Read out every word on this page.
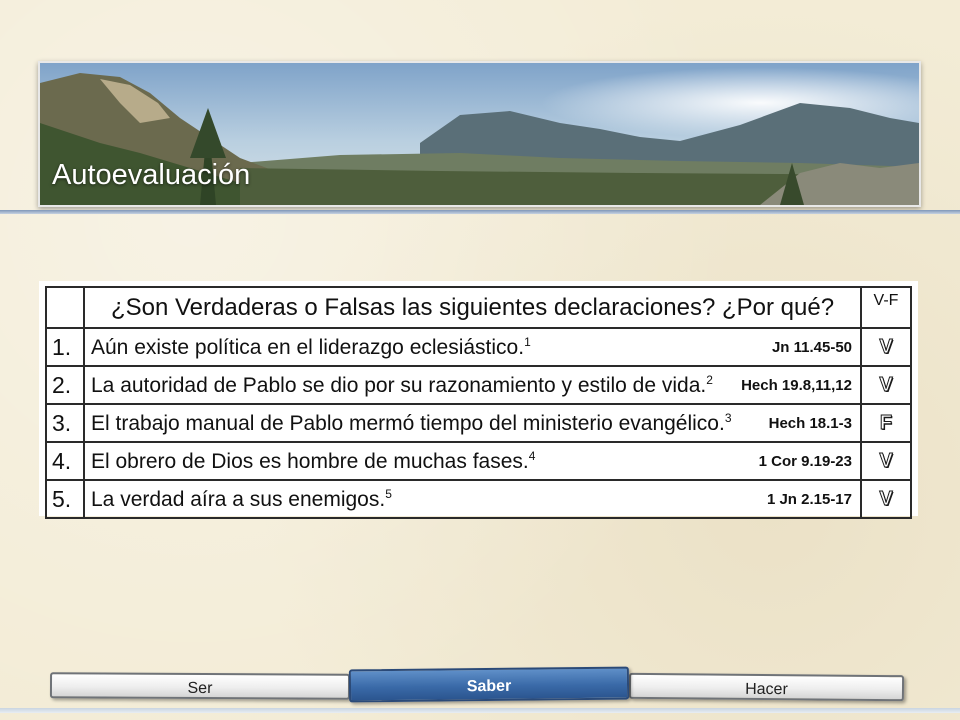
Autoevaluación
	¿Son Verdaderas o Falsas las siguientes declaraciones? ¿Por qué?	V-F
1.	Aún existe política en el liderazgo eclesiástico.$^1$ Jn 11.45-50	V
2.	La autoridad de Pablo se dio por su razonamiento y estilo de vida.$^2$ Hech 19.8,11,12	V
3.	El trabajo manual de Pablo mermó tiempo del ministerio evangélico.$^3$ Hech 18.1-3	F
4.	El obrero de Dios es hombre de muchas fases.$^4$ 1 Cor 9.19-23	V
5.	La verdad aíra a sus enemigos.$^5$ 1 Jn 2.15-17	V
Ser	Hacer
Saber
